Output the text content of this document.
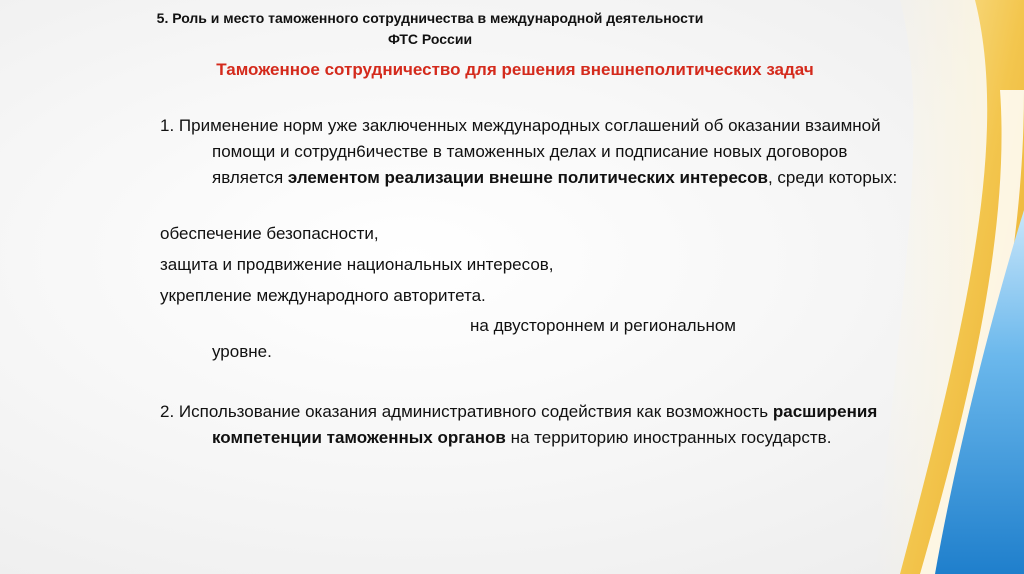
5. Роль и место таможенного сотрудничества в международной деятельности ФТС России
Таможенное сотрудничество для решения внешнеполитических задач

1. Применение норм уже заключенных международных соглашений об оказании взаимной помощи и сотрудн6ичестве в таможенных делах и подписание новых договоров является элементом реализации внешне политических интересов, среди которых:

обеспечение безопасности,

защита и продвижение национальных интересов,

укрепление международного авторитета.

на двустороннем и региональном
уровне.

2. Использование оказания административного содействия как возможность расширения компетенции таможенных органов на территорию иностранных государств.
